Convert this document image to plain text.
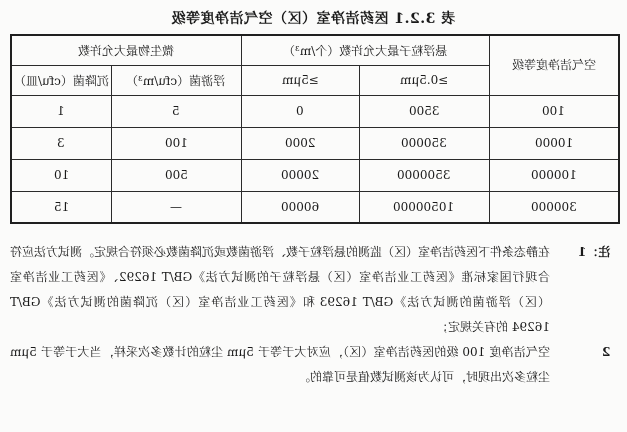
表 3.2.1 医药洁净室（区）空气洁净度等级
微生物最大允许数		悬浮粒子最大允许数（个/m³）		空气洁净度等级
沉降菌（cfu/皿）	浮游菌（cfu/m³）	≥5μm	≥0.5μm	
1	5	0	3500	100
3	100	2000	350000	10000
10	500	20000	3500000	100000
15	—	60000	10500000	300000
注：1
在静态条件下医药洁净室（区）监测的悬浮粒子数、浮游菌数或沉降菌数必须符合规定。测试方法应符合现行国家标准《医药工业洁净室（区）悬浮粒子的测试方法》GB/T 16292、《医药工业洁净室（区）浮游菌的测试方法》GB/T 16293 和《医药工业洁净室（区）沉降菌的测试方法》GB/T 16294 的有关规定；
2
空气洁净度 100 级的医药洁净室（区），应对大于等于 5μm 尘粒的计数多次采样，当大于等于 5μm 尘粒多次出现时，可认为该测试数值是可靠的。
